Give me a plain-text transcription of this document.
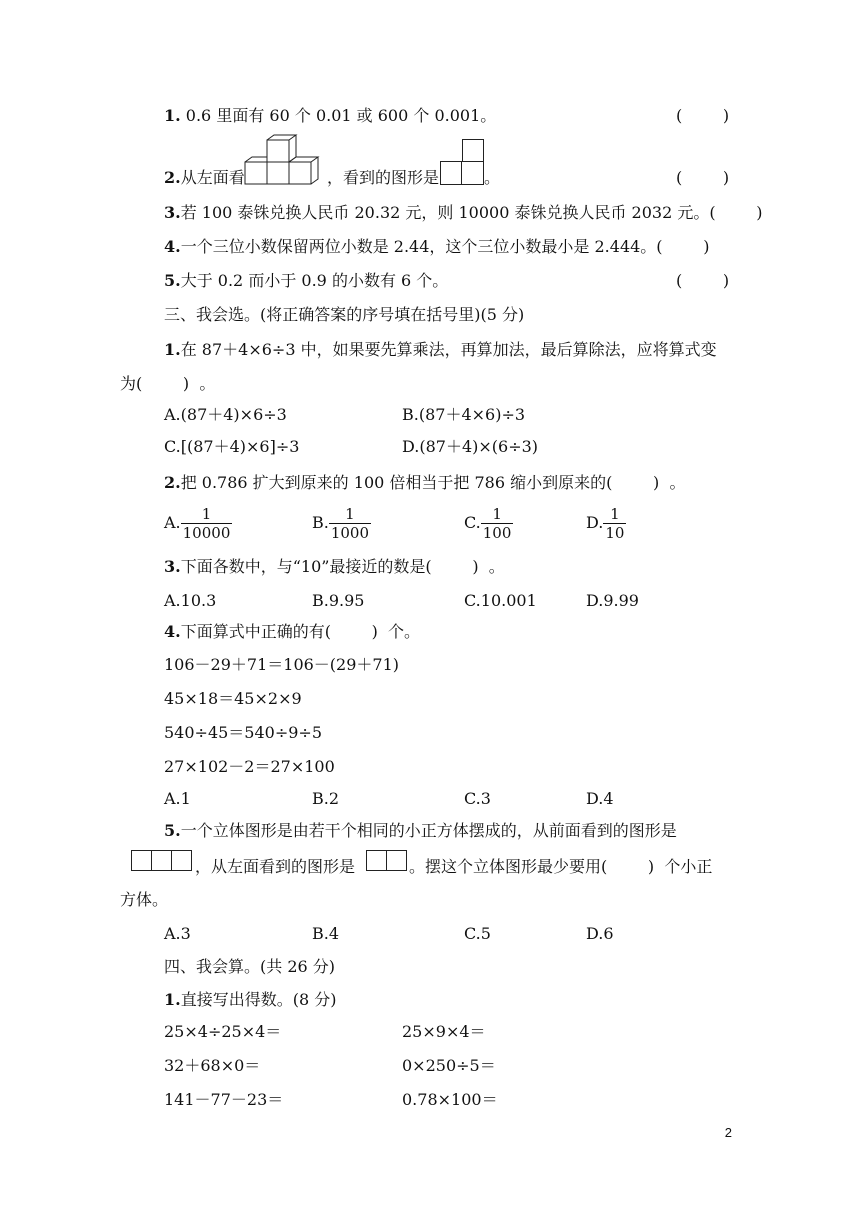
1. 0.6 里面有 60 个 0.01 或 600 个 0.001。	(        )
2.从左面看	，看到的图形是	。	(        )
3.若 100 泰铢兑换人民币 20.32 元，则 10000 泰铢兑换人民币 2032 元。(        )
4.一个三位小数保留两位小数是 2.44，这个三位小数最小是 2.444。(        )
5.大于 0.2 而小于 0.9 的小数有 6 个。	(        )
三、我会选。(将正确答案的序号填在括号里)(5 分)
1.在 87＋4×6÷3 中，如果要先算乘法，再算加法，最后算除法，应将算式变
为(        )  。
A.(87＋4)×6÷3	B.(87＋4×6)÷3
C.[(87＋4)×6]÷3	D.(87＋4)×(6÷3)
2.把 0.786 扩大到原来的 100 倍相当于把 786 缩小到原来的(        )  。
A. $\frac{1}{10000}$	B. $\frac{1}{1000}$	C. $\frac{1}{100}$	D. $\frac{1}{10}$
3.下面各数中，与“10”最接近的数是(        )  。
A.10.3	B.9.95	C.10.001	D.9.99
4.下面算式中正确的有(        )  个。
106－29＋71＝106－(29＋71)
45×18＝45×2×9
540÷45＝540÷9÷5
27×102－2＝27×100
A.1	B.2	C.3	D.4
5.一个立体图形是由若干个相同的小正方体摆成的，从前面看到的图形是
，从左面看到的图形是	。摆这个立体图形最少要用(        )  个小正
方体。
A.3	B.4	C.5	D.6
四、我会算。(共 26 分)
1.直接写出得数。(8 分)
25×4÷25×4＝	25×9×4＝
32＋68×0＝	0×250÷5＝
141－77－23＝	0.78×100＝
2
